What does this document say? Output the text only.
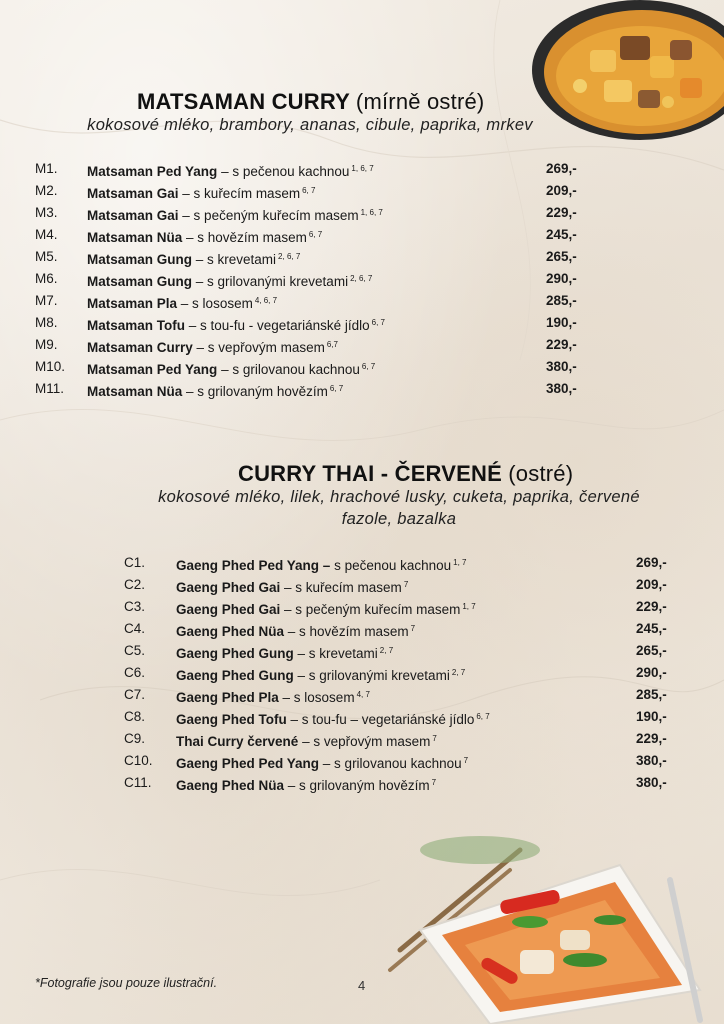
MATSAMAN CURRY (mírně ostré)
kokosové mléko, brambory, ananas, cibule, paprika, mrkev
M1. Matsaman Ped Yang – s pečenou kachnou $^{1, 6, 7}$	269,-
M2. Matsaman Gai – s kuřecím masem $^{6, 7}$	209,-
M3. Matsaman Gai – s pečeným kuřecím masem $^{1, 6, 7}$	229,-
M4. Matsaman Nüa – s hovězím masem $^{6, 7}$	245,-
M5. Matsaman Gung – s krevetami $^{2, 6, 7}$	265,-
M6. Matsaman Gung – s grilovanými krevetami $^{2, 6, 7}$	290,-
M7. Matsaman Pla – s lososem $^{4, 6, 7}$	285,-
M8. Matsaman Tofu – s tou-fu - vegetariánské jídlo $^{6, 7}$	190,-
M9. Matsaman Curry – s vepřovým masem $^{6,7}$	229,-
M10. Matsaman Ped Yang – s grilovanou kachnou $^{6, 7}$	380,-
M11. Matsaman Nüa – s grilovaným hovězím $^{6, 7}$	380,-
CURRY THAI - ČERVENÉ (ostré)
kokosové mléko, lilek, hrachové lusky, cuketa, paprika, červené
fazole, bazalka
C1. Gaeng Phed Ped Yang – s pečenou kachnou $^{1, 7}$	269,-
C2. Gaeng Phed Gai – s kuřecím masem $^7$	209,-
C3. Gaeng Phed Gai – s pečeným kuřecím masem $^{1, 7}$	229,-
C4. Gaeng Phed Nüa – s hovězím masem $^7$	245,-
C5. Gaeng Phed Gung – s krevetami $^{2, 7}$	265,-
C6. Gaeng Phed Gung – s grilovanými krevetami $^{2, 7}$	290,-
C7. Gaeng Phed Pla – s lososem $^{4, 7}$	285,-
C8. Gaeng Phed Tofu – s tou-fu – vegetariánské jídlo $^{6, 7}$	190,-
C9. Thai Curry červené – s vepřovým masem $^7$	229,-
C10. Gaeng Phed Ped Yang – s grilovanou kachnou $^7$	380,-
C11. Gaeng Phed Nüa – s grilovaným hovězím $^7$	380,-
*Fotografie jsou pouze ilustrační.	4
